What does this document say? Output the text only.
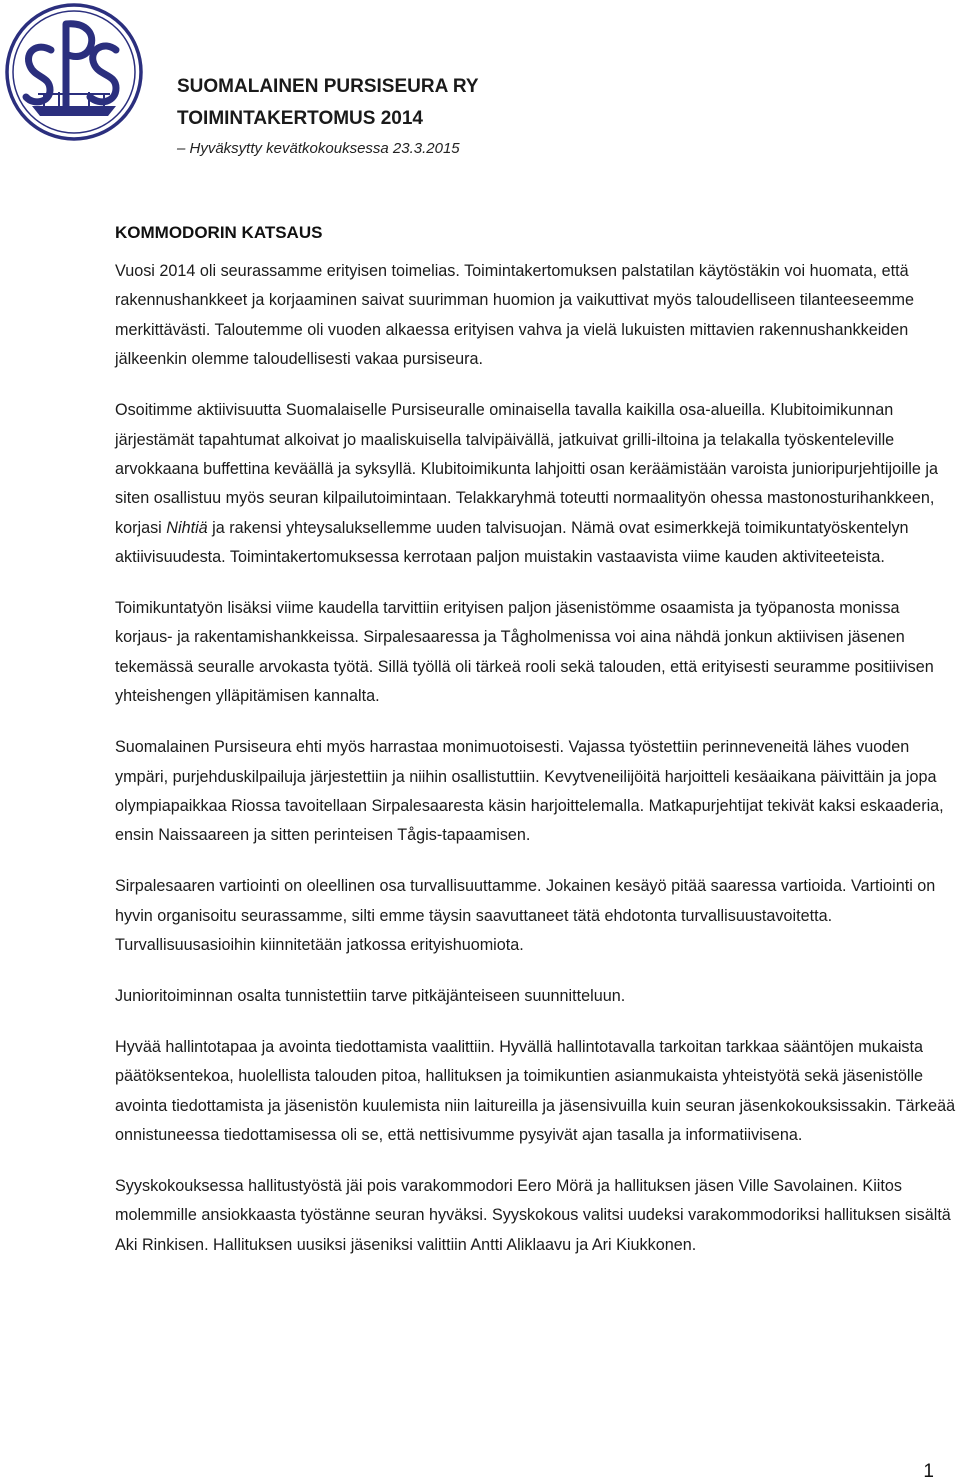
SUOMALAINEN PURSISEURA RY
TOIMINTAKERTOMUS 2014
– Hyväksytty kevätkokouksessa 23.3.2015
KOMMODORIN KATSAUS

Vuosi 2014 oli seurassamme erityisen toimelias. Toimintakertomuksen palstatilan käytöstäkin voi huomata, että rakennushankkeet ja korjaaminen saivat suurimman huomion ja vaikuttivat myös taloudelliseen tilanteeseemme merkittävästi. Taloutemme oli vuoden alkaessa erityisen vahva ja vielä lukuisten mittavien rakennushankkeiden jälkeenkin olemme taloudellisesti vakaa pursiseura.

Osoitimme aktiivisuutta Suomalaiselle Pursiseuralle ominaisella tavalla kaikilla osa-alueilla. Klubitoimikunnan järjestämät tapahtumat alkoivat jo maaliskuisella talvipäivällä, jatkuivat grilli-iltoina ja telakalla työskenteleville arvokkaana buffettina keväällä ja syksyllä. Klubitoimikunta lahjoitti osan keräämistään varoista junioripurjehtijoille ja siten osallistuu myös seuran kilpailutoimintaan. Telakkaryhmä toteutti normaalityön ohessa mastonosturihankkeen, korjasi Nihtiä ja rakensi yhteysaluksellemme uuden talvisuojan. Nämä ovat esimerkkejä toimikuntatyöskentelyn aktiivisuudesta. Toimintakertomuksessa kerrotaan paljon muistakin vastaavista viime kauden aktiviteeteista.

Toimikuntatyön lisäksi viime kaudella tarvittiin erityisen paljon jäsenistömme osaamista ja työpanosta monissa korjaus- ja rakentamishankkeissa. Sirpalesaaressa ja Tågholmenissa voi aina nähdä jonkun aktiivisen jäsenen tekemässä seuralle arvokasta työtä. Sillä työllä oli tärkeä rooli sekä talouden, että erityisesti seuramme positiivisen yhteishengen ylläpitämisen kannalta.

Suomalainen Pursiseura ehti myös harrastaa monimuotoisesti. Vajassa työstettiin perinneveneitä lähes vuoden ympäri, purjehduskilpailuja järjestettiin ja niihin osallistuttiin. Kevytveneilijöitä harjoitteli kesäaikana päivittäin ja jopa olympiapaikkaa Riossa tavoitellaan Sirpalesaaresta käsin harjoittelemalla. Matkapurjehtijat tekivät kaksi eskaaderia, ensin Naissaareen ja sitten perinteisen Tågis-tapaamisen.

Sirpalesaaren vartiointi on oleellinen osa turvallisuuttamme. Jokainen kesäyö pitää saaressa vartioida. Vartiointi on hyvin organisoitu seurassamme, silti emme täysin saavuttaneet tätä ehdotonta turvallisuustavoitetta. Turvallisuusasioihin kiinnitetään jatkossa erityishuomiota.

Junioritoiminnan osalta tunnistettiin tarve pitkäjänteiseen suunnitteluun.

Hyvää hallintotapaa ja avointa tiedottamista vaalittiin. Hyvällä hallintotavalla tarkoitan tarkkaa sääntöjen mukaista päätöksentekoa, huolellista talouden pitoa, hallituksen ja toimikuntien asianmukaista yhteistyötä sekä jäsenistölle avointa tiedottamista ja jäsenistön kuulemista niin laitureilla ja jäsensivuilla kuin seuran jäsenkokouksissakin. Tärkeää onnistuneessa tiedottamisessa oli se, että nettisivumme pysyivät ajan tasalla ja informatiivisena.

Syyskokouksessa hallitustyöstä jäi pois varakommodori Eero Mörä ja hallituksen jäsen Ville Savolainen. Kiitos molemmille ansiokkaasta työstänne seuran hyväksi. Syyskokous valitsi uudeksi varakommodoriksi hallituksen sisältä Aki Rinkisen. Hallituksen uusiksi jäseniksi valittiin Antti Aliklaavu ja Ari Kiukkonen.

1
